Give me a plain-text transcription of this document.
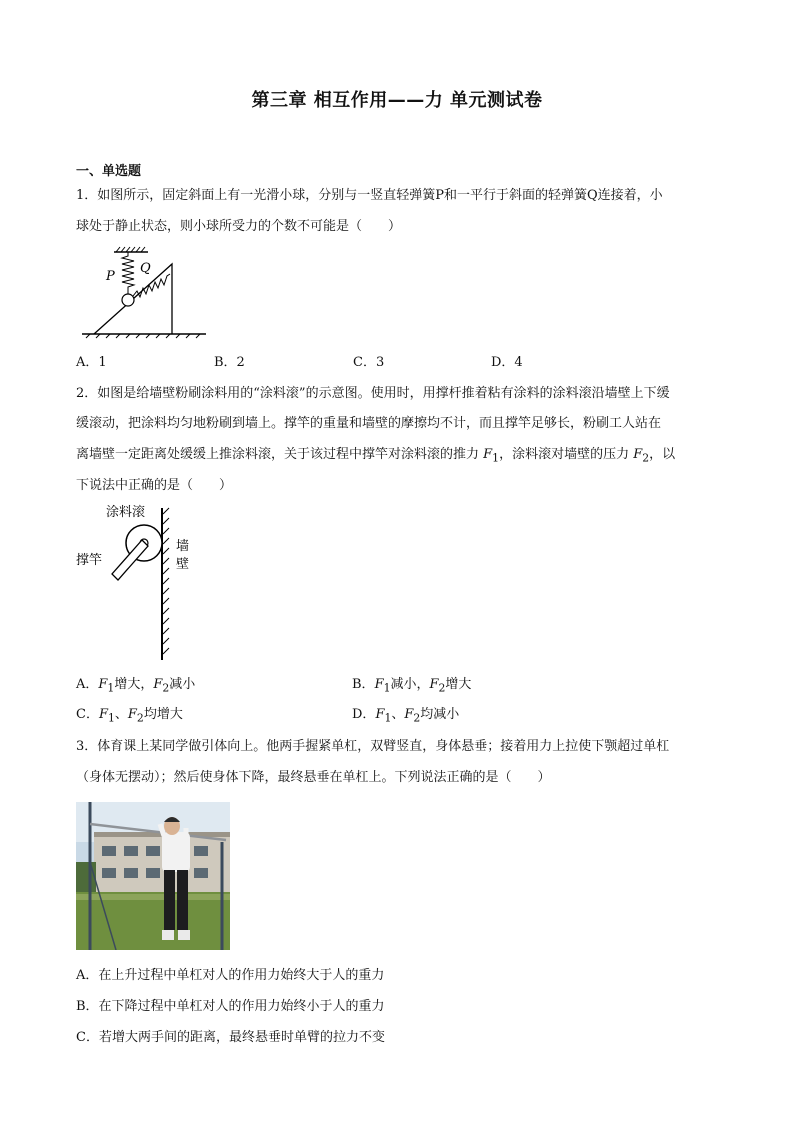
第三章 相互作用——力 单元测试卷
一、单选题
1．如图所示，固定斜面上有一光滑小球，分别与一竖直轻弹簧P和一平行于斜面的轻弹簧Q连接着，小
球处于静止状态，则小球所受力的个数不可能是（　　）
P
Q
A．1	B．2	C．3	D．4
2．如图是给墙壁粉刷涂料用的“涂料滚”的示意图。使用时，用撑杆推着粘有涂料的涂料滚沿墙壁上下缓
缓滚动，把涂料均匀地粉刷到墙上。撑竿的重量和墙壁的摩擦均不计，而且撑竿足够长，粉刷工人站在
离墙壁一定距离处缓缓上推涂料滚，关于该过程中撑竿对涂料滚的推力 $F_1$，涂料滚对墙壁的压力 $F_2$，以
下说法中正确的是（　　）
涂料滚
撑竿
墙
壁
A．$F_1$增大，$F_2$减小	B．$F_1$减小，$F_2$增大
C．$F_1$、$F_2$均增大	D．$F_1$、$F_2$均减小
3．体育课上某同学做引体向上。他两手握紧单杠，双臂竖直，身体悬垂；接着用力上拉使下颚超过单杠
（身体无摆动）；然后使身体下降，最终悬垂在单杠上。下列说法正确的是（　　）
A．在上升过程中单杠对人的作用力始终大于人的重力
B．在下降过程中单杠对人的作用力始终小于人的重力
C．若增大两手间的距离，最终悬垂时单臂的拉力不变
